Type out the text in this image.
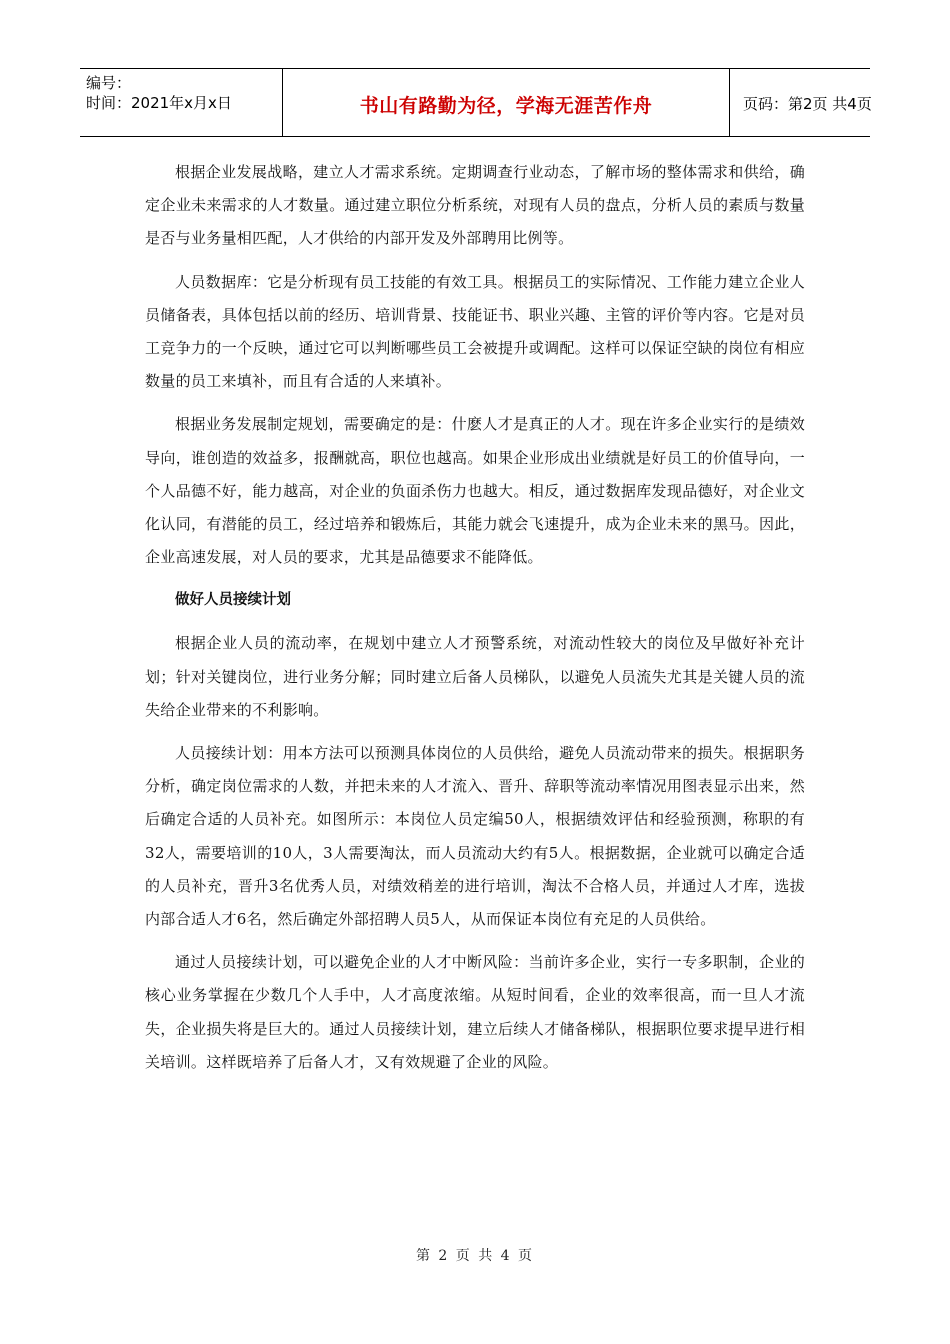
编号：
时间：2021年x月x日	书山有路勤为径，学海无涯苦作舟	页码：第2页 共4页

根据企业发展战略，建立人才需求系统。定期调查行业动态，了解市场的整体需求和供给，确定企业未来需求的人才数量。通过建立职位分析系统，对现有人员的盘点，分析人员的素质与数量是否与业务量相匹配，人才供给的内部开发及外部聘用比例等。

人员数据库：它是分析现有员工技能的有效工具。根据员工的实际情况、工作能力建立企业人员储备表，具体包括以前的经历、培训背景、技能证书、职业兴趣、主管的评价等内容。它是对员工竞争力的一个反映，通过它可以判断哪些员工会被提升或调配。这样可以保证空缺的岗位有相应数量的员工来填补，而且有合适的人来填补。

根据业务发展制定规划，需要确定的是：什麽人才是真正的人才。现在许多企业实行的是绩效导向，谁创造的效益多，报酬就高，职位也越高。如果企业形成出业绩就是好员工的价值导向，一个人品德不好，能力越高，对企业的负面杀伤力也越大。相反，通过数据库发现品德好，对企业文化认同，有潜能的员工，经过培养和锻炼后，其能力就会飞速提升，成为企业未来的黑马。因此，企业高速发展，对人员的要求，尤其是品德要求不能降低。

做好人员接续计划

根据企业人员的流动率，在规划中建立人才预警系统，对流动性较大的岗位及早做好补充计划；针对关键岗位，进行业务分解；同时建立后备人员梯队，以避免人员流失尤其是关键人员的流失给企业带来的不利影响。

人员接续计划：用本方法可以预测具体岗位的人员供给，避免人员流动带来的损失。根据职务分析，确定岗位需求的人数，并把未来的人才流入、晋升、辞职等流动率情况用图表显示出来，然后确定合适的人员补充。如图所示：本岗位人员定编50人，根据绩效评估和经验预测，称职的有32人，需要培训的10人，3人需要淘汰，而人员流动大约有5人。根据数据，企业就可以确定合适的人员补充，晋升3名优秀人员，对绩效稍差的进行培训，淘汰不合格人员，并通过人才库，选拔内部合适人才6名，然后确定外部招聘人员5人，从而保证本岗位有充足的人员供给。

通过人员接续计划，可以避免企业的人才中断风险：当前许多企业，实行一专多职制，企业的核心业务掌握在少数几个人手中，人才高度浓缩。从短时间看，企业的效率很高，而一旦人才流失，企业损失将是巨大的。通过人员接续计划，建立后续人才储备梯队，根据职位要求提早进行相关培训。这样既培养了后备人才，又有效规避了企业的风险。

第 2 页 共 4 页
